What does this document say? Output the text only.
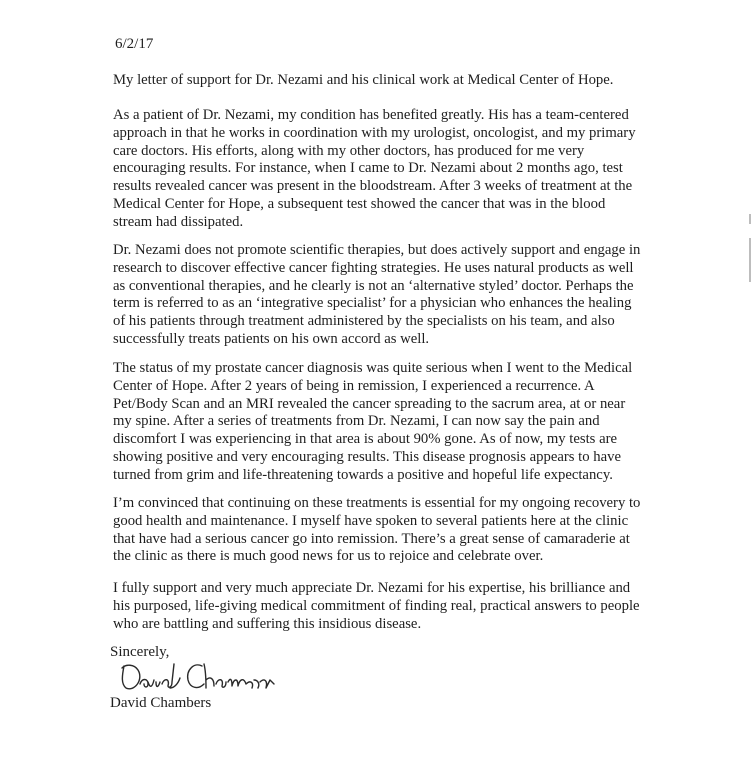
6/2/17

My letter of support for Dr. Nezami and his clinical work at Medical Center of Hope.

As a patient of Dr. Nezami, my condition has benefited greatly. His has a team-centered
approach in that he works in coordination with my urologist, oncologist, and my primary
care doctors. His efforts, along with my other doctors, has produced for me very
encouraging results. For instance, when I came to Dr. Nezami about 2 months ago, test
results revealed cancer was present in the bloodstream. After 3 weeks of treatment at the
Medical Center for Hope, a subsequent test showed the cancer that was in the blood
stream had dissipated.
Dr. Nezami does not promote scientific therapies, but does actively support and engage in
research to discover effective cancer fighting strategies. He uses natural products as well
as conventional therapies, and he clearly is not an ‘alternative styled’ doctor. Perhaps the
term is referred to as an ‘integrative specialist’ for a physician who enhances the healing
of his patients through treatment administered by the specialists on his team, and also
successfully treats patients on his own accord as well.
The status of my prostate cancer diagnosis was quite serious when I went to the Medical
Center of Hope. After 2 years of being in remission, I experienced a recurrence. A
Pet/Body Scan and an MRI revealed the cancer spreading to the sacrum area, at or near
my spine. After a series of treatments from Dr. Nezami, I can now say the pain and
discomfort I was experiencing in that area is about 90% gone. As of now, my tests are
showing positive and very encouraging results. This disease prognosis appears to have
turned from grim and life-threatening towards a positive and hopeful life expectancy.
I’m convinced that continuing on these treatments is essential for my ongoing recovery to
good health and maintenance. I myself have spoken to several patients here at the clinic
that have had a serious cancer go into remission. There’s a great sense of camaraderie at
the clinic as there is much good news for us to rejoice and celebrate over.
I fully support and very much appreciate Dr. Nezami for his expertise, his brilliance and
his purposed, life-giving medical commitment of finding real, practical answers to people
who are battling and suffering this insidious disease.

Sincerely,

David Chambers
